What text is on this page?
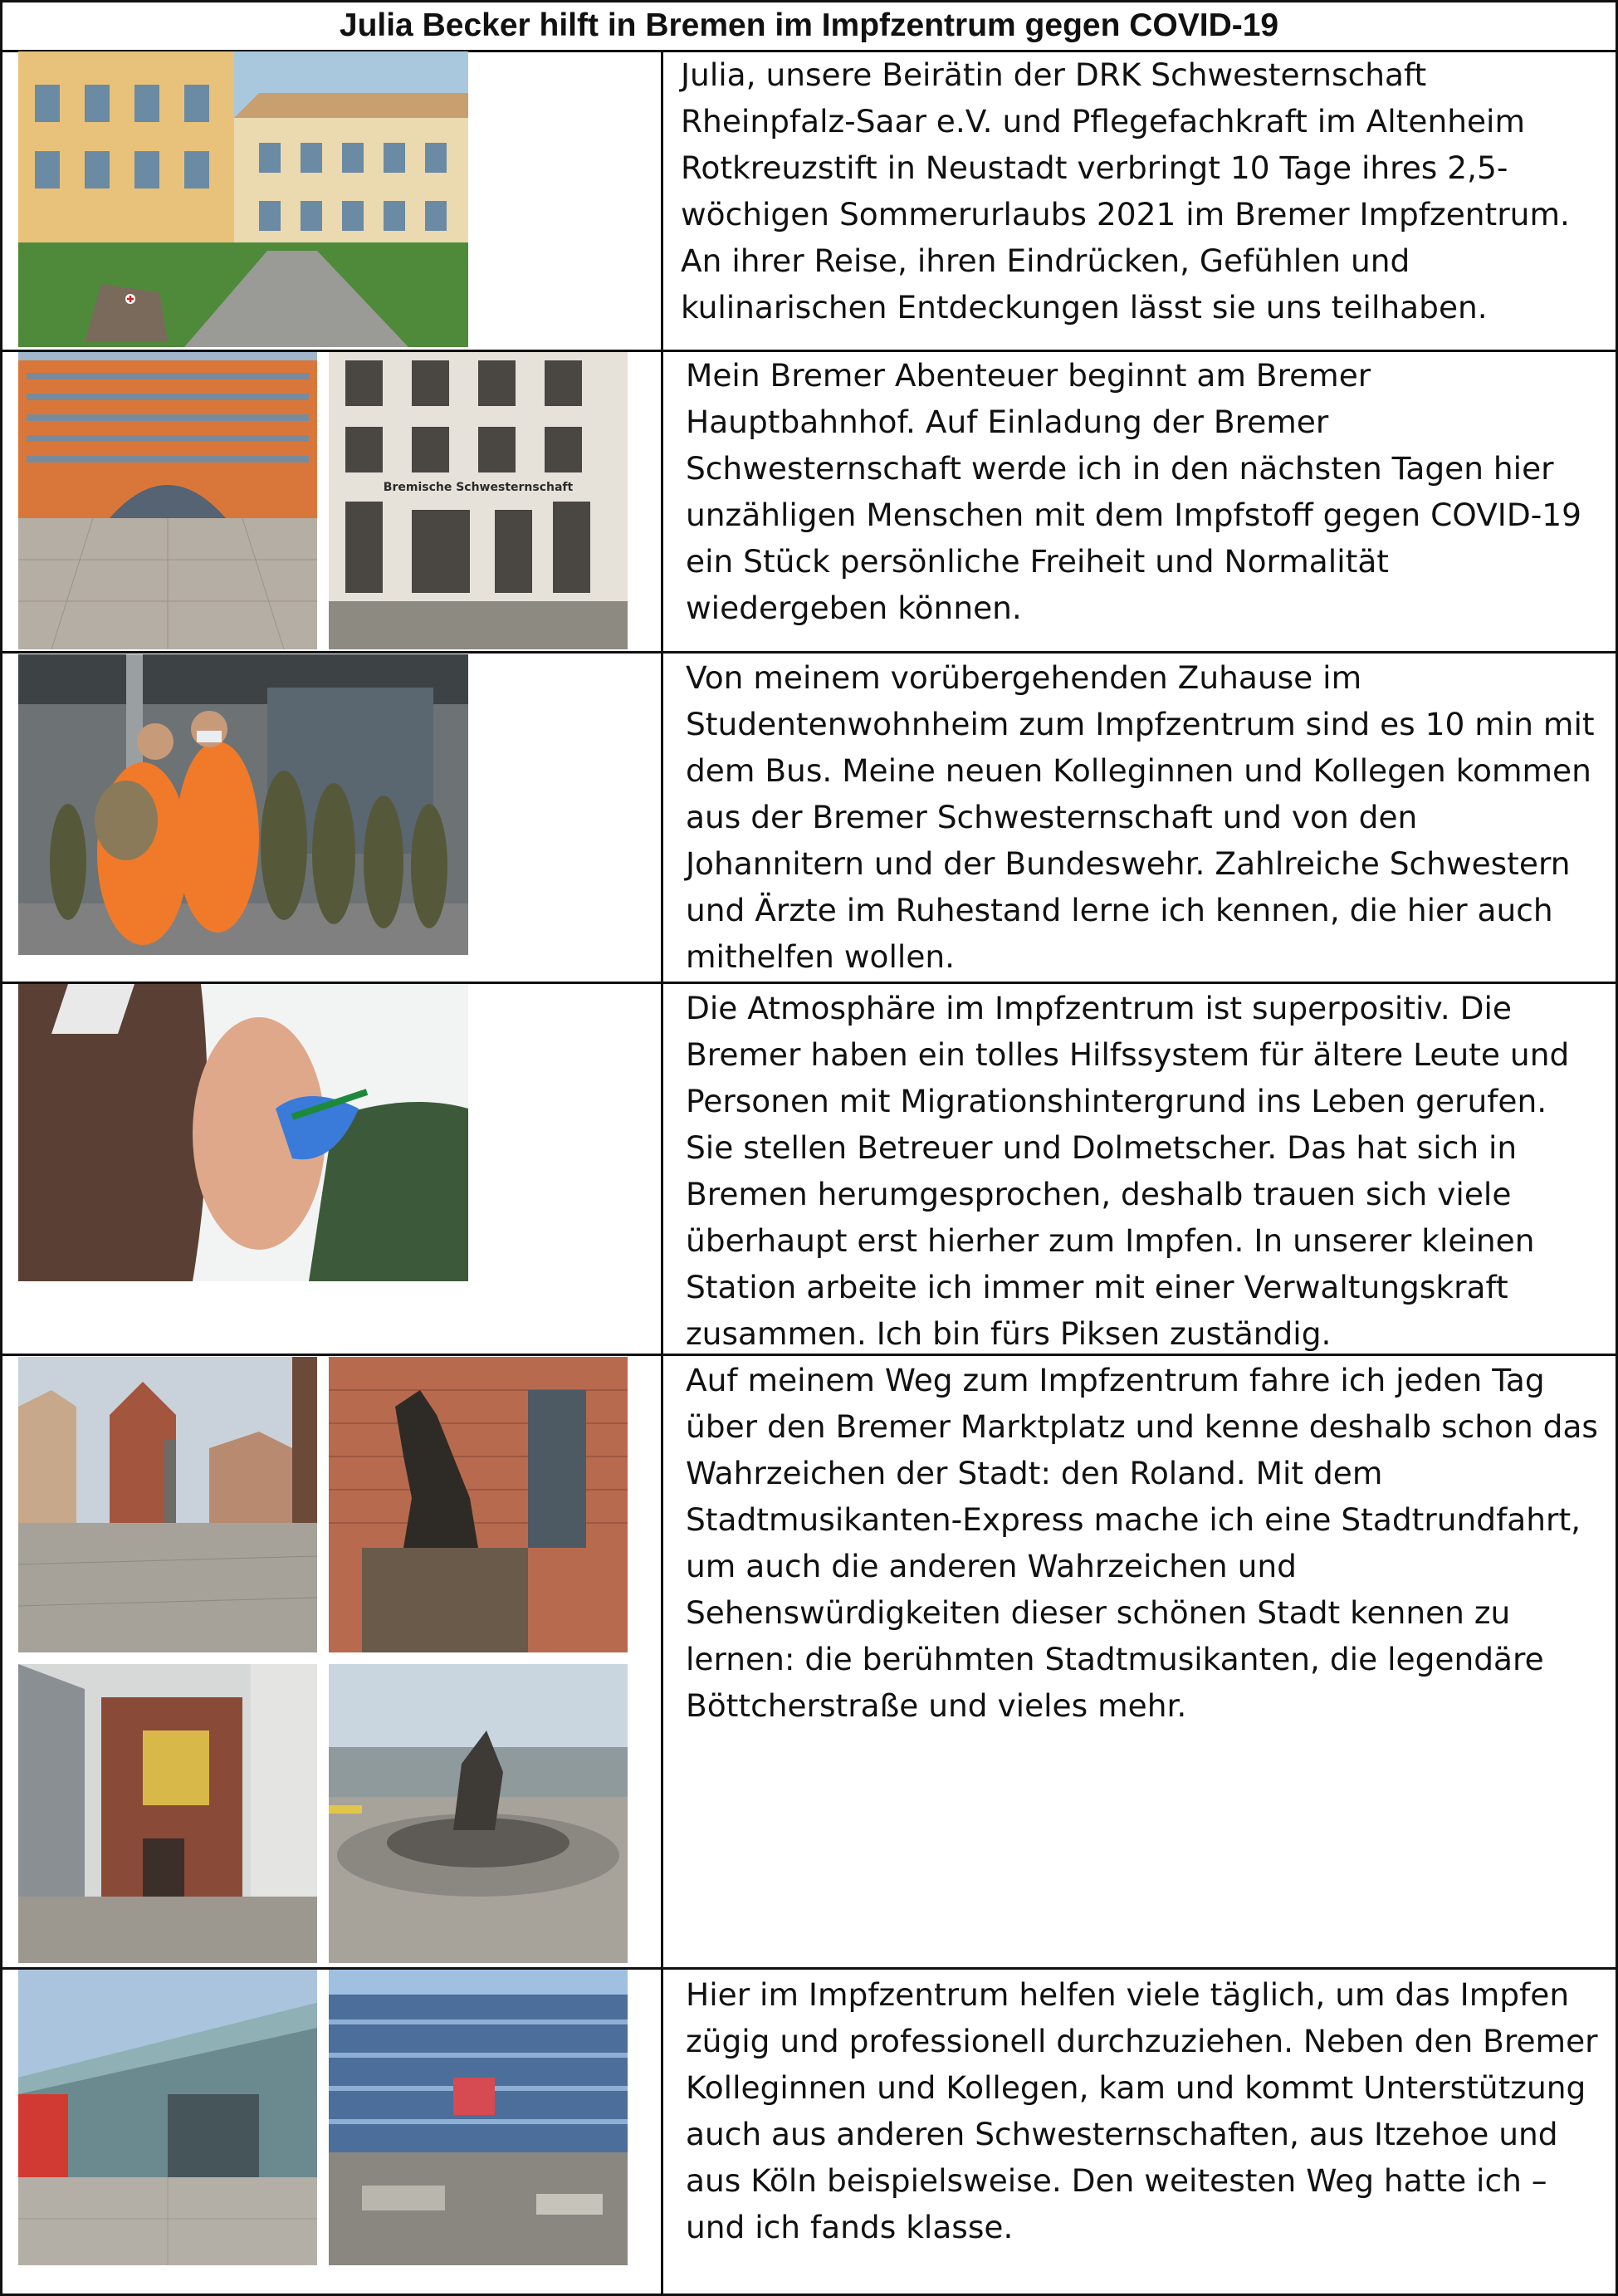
Julia Becker hilft in Bremen im Impfzentrum gegen COVID-19
Julia, unsere Beirätin der DRK Schwesternschaft
Rheinpfalz-Saar e.V. und Pflegefachkraft im Altenheim
Rotkreuzstift in Neustadt verbringt 10 Tage ihres 2,5-
wöchigen Sommerurlaubs 2021 im Bremer Impfzentrum.
An ihrer Reise, ihren Eindrücken, Gefühlen und
kulinarischen Entdeckungen lässt sie uns teilhaben.
Bremische Schwesternschaft
Mein Bremer Abenteuer beginnt am Bremer
Hauptbahnhof. Auf Einladung der Bremer
Schwesternschaft werde ich in den nächsten Tagen hier
unzähligen Menschen mit dem Impfstoff gegen COVID-19
ein Stück persönliche Freiheit und Normalität
wiedergeben können.
Von meinem vorübergehenden Zuhause im
Studentenwohnheim zum Impfzentrum sind es 10 min mit
dem Bus. Meine neuen Kolleginnen und Kollegen kommen
aus der Bremer Schwesternschaft und von den
Johannitern und der Bundeswehr. Zahlreiche Schwestern
und Ärzte im Ruhestand lerne ich kennen, die hier auch
mithelfen wollen.
Die Atmosphäre im Impfzentrum ist superpositiv. Die
Bremer haben ein tolles Hilfssystem für ältere Leute und
Personen mit Migrationshintergrund ins Leben gerufen.
Sie stellen Betreuer und Dolmetscher. Das hat sich in
Bremen herumgesprochen, deshalb trauen sich viele
überhaupt erst hierher zum Impfen. In unserer kleinen
Station arbeite ich immer mit einer Verwaltungskraft
zusammen. Ich bin fürs Piksen zuständig.
Auf meinem Weg zum Impfzentrum fahre ich jeden Tag
über den Bremer Marktplatz und kenne deshalb schon das
Wahrzeichen der Stadt: den Roland. Mit dem
Stadtmusikanten-Express mache ich eine Stadtrundfahrt,
um auch die anderen Wahrzeichen und
Sehenswürdigkeiten dieser schönen Stadt kennen zu
lernen: die berühmten Stadtmusikanten, die legendäre
Böttcherstraße und vieles mehr.
Hier im Impfzentrum helfen viele täglich, um das Impfen
zügig und professionell durchzuziehen. Neben den Bremer
Kolleginnen und Kollegen, kam und kommt Unterstützung
auch aus anderen Schwesternschaften, aus Itzehoe und
aus Köln beispielsweise. Den weitesten Weg hatte ich –
und ich fands klasse.
